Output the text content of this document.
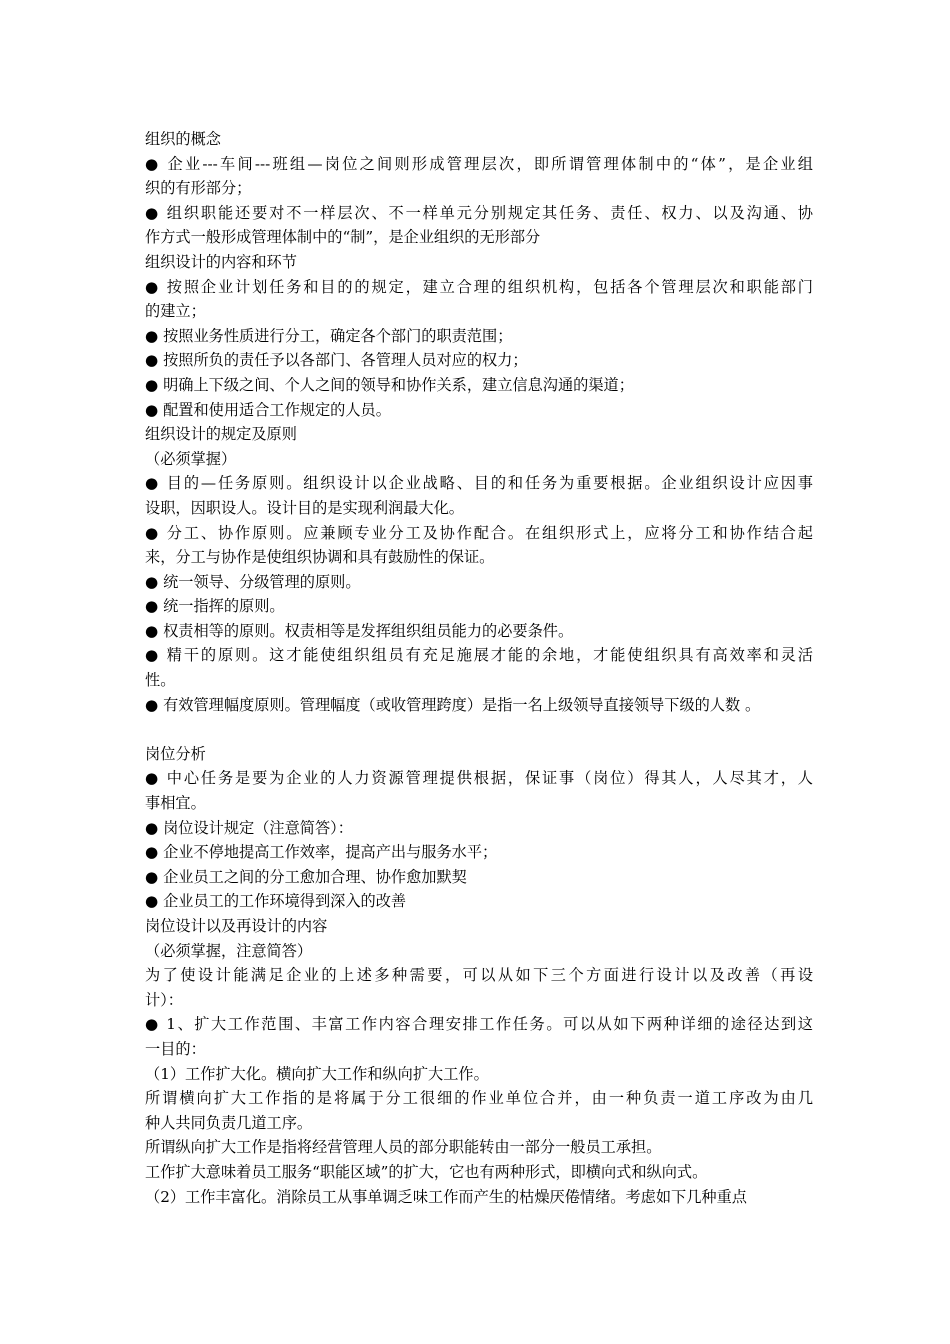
组织的概念
● 企业---车间---班组—岗位之间则形成管理层次，即所谓管理体制中的“体”，是企业组
织的有形部分；
● 组织职能还要对不一样层次、不一样单元分别规定其任务、责任、权力、以及沟通、协
作方式一般形成管理体制中的“制”，是企业组织的无形部分
组织设计的内容和环节
● 按照企业计划任务和目的的规定，建立合理的组织机构，包括各个管理层次和职能部门
的建立；
● 按照业务性质进行分工，确定各个部门的职责范围；
● 按照所负的责任予以各部门、各管理人员对应的权力；
● 明确上下级之间、个人之间的领导和协作关系，建立信息沟通的渠道；
● 配置和使用适合工作规定的人员。
组织设计的规定及原则
（必须掌握）
● 目的—任务原则。组织设计以企业战略、目的和任务为重要根据。企业组织设计应因事
设职，因职设人。设计目的是实现利润最大化。
● 分工、协作原则。应兼顾专业分工及协作配合。在组织形式上，应将分工和协作结合起
来，分工与协作是使组织协调和具有鼓励性的保证。
● 统一领导、分级管理的原则。
● 统一指挥的原则。
● 权责相等的原则。权责相等是发挥组织组员能力的必要条件。
● 精干的原则。这才能使组织组员有充足施展才能的余地，才能使组织具有高效率和灵活
性。
● 有效管理幅度原则。管理幅度（或收管理跨度）是指一名上级领导直接领导下级的人数 。
岗位分析
● 中心任务是要为企业的人力资源管理提供根据，保证事（岗位）得其人，人尽其才，人
事相宜。
● 岗位设计规定（注意简答）：
● 企业不停地提高工作效率，提高产出与服务水平；
● 企业员工之间的分工愈加合理、协作愈加默契
● 企业员工的工作环境得到深入的改善
岗位设计以及再设计的内容
（必须掌握，注意简答）
为了使设计能满足企业的上述多种需要，可以从如下三个方面进行设计以及改善（再设
计）：
● 1、扩大工作范围、丰富工作内容合理安排工作任务。可以从如下两种详细的途径达到这
一目的：
（1）工作扩大化。横向扩大工作和纵向扩大工作。
所谓横向扩大工作指的是将属于分工很细的作业单位合并，由一种负责一道工序改为由几
种人共同负责几道工序。
所谓纵向扩大工作是指将经营管理人员的部分职能转由一部分一般员工承担。
工作扩大意味着员工服务“职能区域”的扩大，它也有两种形式，即横向式和纵向式。
（2）工作丰富化。消除员工从事单调乏味工作而产生的枯燥厌倦情绪。考虑如下几种重点
